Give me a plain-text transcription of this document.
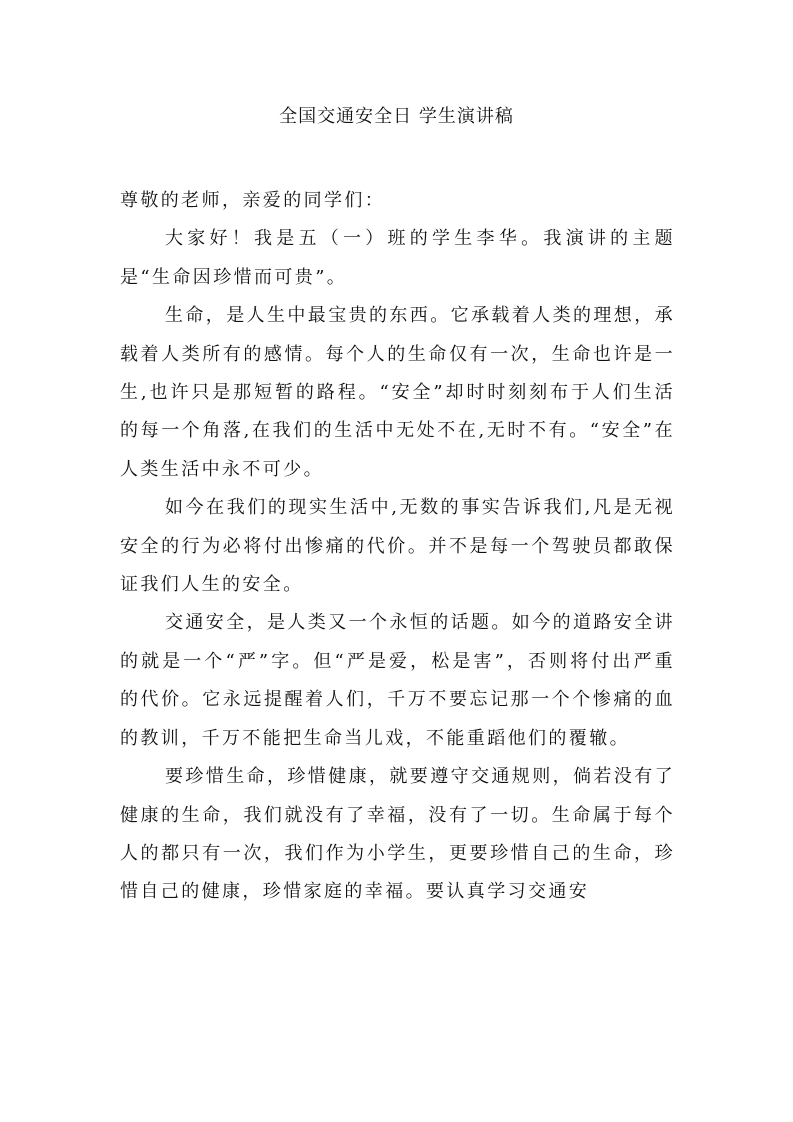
全国交通安全日 学生演讲稿

尊敬的老师，亲爱的同学们：

大家好！我是五（一）班的学生李华。我演讲的主题是“生命因珍惜而可贵”。

生命，是人生中最宝贵的东西。它承载着人类的理想，承载着人类所有的感情。每个人的生命仅有一次，生命也许是一生,也许只是那短暂的路程。“安全”却时时刻刻布于人们生活的每一个角落,在我们的生活中无处不在,无时不有。“安全”在人类生活中永不可少。

如今在我们的现实生活中,无数的事实告诉我们,凡是无视安全的行为必将付出惨痛的代价。并不是每一个驾驶员都敢保证我们人生的安全。

交通安全，是人类又一个永恒的话题。如今的道路安全讲的就是一个“严”字。但“严是爱，松是害”，否则将付出严重的代价。它永远提醒着人们，千万不要忘记那一个个惨痛的血的教训，千万不能把生命当儿戏，不能重蹈他们的覆辙。

要珍惜生命，珍惜健康，就要遵守交通规则，倘若没有了健康的生命，我们就没有了幸福，没有了一切。生命属于每个人的都只有一次，我们作为小学生，更要珍惜自己的生命，珍惜自己的健康，珍惜家庭的幸福。要认真学习交通安
